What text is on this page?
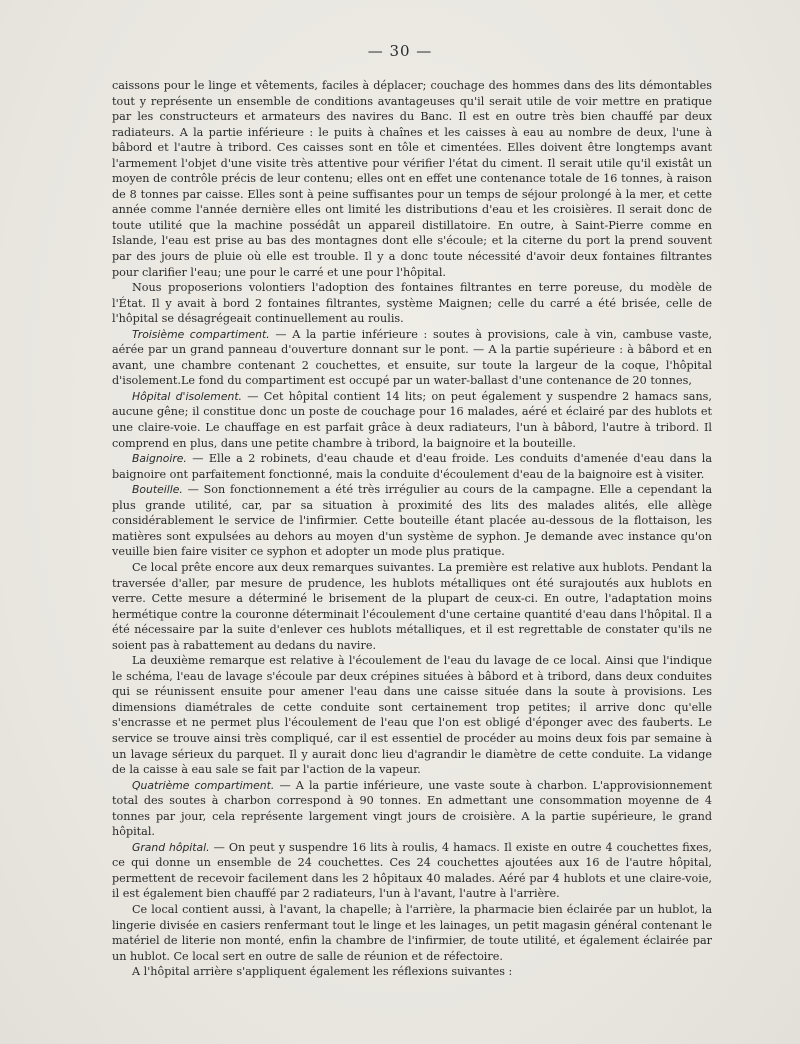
— 30 —

caissons pour le linge et vêtements, faciles à déplacer; couchage des hommes dans des lits démontables tout y représente un ensemble de conditions avantageuses qu'il serait utile de voir mettre en pratique par les constructeurs et armateurs des navires du Banc. Il est en outre très bien chauffé par deux radiateurs. A la partie inférieure : le puits à chaînes et les caisses à eau au nombre de deux, l'une à bâbord et l'autre à tribord. Ces caisses sont en tôle et cimentées. Elles doivent être longtemps avant l'armement l'objet d'une visite très attentive pour vérifier l'état du ciment. Il serait utile qu'il existât un moyen de contrôle précis de leur contenu; elles ont en effet une contenance totale de 16 tonnes, à raison de 8 tonnes par caisse. Elles sont à peine suffisantes pour un temps de séjour prolongé à la mer, et cette année comme l'année dernière elles ont limité les distributions d'eau et les croisières. Il serait donc de toute utilité que la machine possédât un appareil distillatoire. En outre, à Saint-Pierre comme en Islande, l'eau est prise au bas des montagnes dont elle s'écoule; et la citerne du port la prend souvent par des jours de pluie où elle est trouble. Il y a donc toute nécessité d'avoir deux fontaines filtrantes pour clarifier l'eau; une pour le carré et une pour l'hôpital.

Nous proposerions volontiers l'adoption des fontaines filtrantes en terre poreuse, du modèle de l'État. Il y avait à bord 2 fontaines filtrantes, système Maignen; celle du carré a été brisée, celle de l'hôpital se désagrégeait continuellement au roulis.

Troisième compartiment. — A la partie inférieure : soutes à provisions, cale à vin, cambuse vaste, aérée par un grand panneau d'ouverture donnant sur le pont. — A la partie supérieure : à bâbord et en avant, une chambre contenant 2 couchettes, et ensuite, sur toute la largeur de la coque, l'hôpital d'isolement.Le fond du compartiment est occupé par un water-ballast d'une contenance de 20 tonnes,

Hôpital d'isolement. — Cet hôpital contient 14 lits; on peut également y suspendre 2 hamacs sans, aucune gêne; il constitue donc un poste de couchage pour 16 malades, aéré et éclairé par des hublots et une claire-voie. Le chauffage en est parfait grâce à deux radiateurs, l'un à bâbord, l'autre à tribord. Il comprend en plus, dans une petite chambre à tribord, la baignoire et la bouteille.

Baignoire. — Elle a 2 robinets, d'eau chaude et d'eau froide. Les conduits d'amenée d'eau dans la baignoire ont parfaitement fonctionné, mais la conduite d'écoulement d'eau de la baignoire est à visiter.

Bouteille. — Son fonctionnement a été très irrégulier au cours de la campagne. Elle a cependant la plus grande utilité, car, par sa situation à proximité des lits des malades alités, elle allège considérablement le service de l'infirmier. Cette bouteille étant placée au-dessous de la flottaison, les matières sont expulsées au dehors au moyen d'un système de syphon. Je demande avec instance qu'on veuille bien faire visiter ce syphon et adopter un mode plus pratique.

Ce local prête encore aux deux remarques suivantes. La première est relative aux hublots. Pendant la traversée d'aller, par mesure de prudence, les hublots métalliques ont été surajoutés aux hublots en verre. Cette mesure a déterminé le brisement de la plupart de ceux-ci. En outre, l'adaptation moins hermétique contre la couronne déterminait l'écoulement d'une certaine quantité d'eau dans l'hôpital. Il a été nécessaire par la suite d'enlever ces hublots métalliques, et il est regrettable de constater qu'ils ne soient pas à rabattement au dedans du navire.

La deuxième remarque est relative à l'écoulement de l'eau du lavage de ce local. Ainsi que l'indique le schéma, l'eau de lavage s'écoule par deux crépines situées à bâbord et à tribord, dans deux conduites qui se réunissent ensuite pour amener l'eau dans une caisse située dans la soute à provisions. Les dimensions diamétrales de cette conduite sont certainement trop petites; il arrive donc qu'elle s'encrasse et ne permet plus l'écoulement de l'eau que l'on est obligé d'éponger avec des fauberts. Le service se trouve ainsi très compliqué, car il est essentiel de procéder au moins deux fois par semaine à un lavage sérieux du parquet. Il y aurait donc lieu d'agrandir le diamètre de cette conduite. La vidange de la caisse à eau sale se fait par l'action de la vapeur.

Quatrième compartiment. — A la partie inférieure, une vaste soute à charbon. L'approvisionnement total des soutes à charbon correspond à 90 tonnes. En admettant une consommation moyenne de 4 tonnes par jour, cela représente largement vingt jours de croisière. A la partie supérieure, le grand hôpital.

Grand hôpital. — On peut y suspendre 16 lits à roulis, 4 hamacs. Il existe en outre 4 couchettes fixes, ce qui donne un ensemble de 24 couchettes. Ces 24 couchettes ajoutées aux 16 de l'autre hôpital, permettent de recevoir facilement dans les 2 hôpitaux 40 malades. Aéré par 4 hublots et une claire-voie, il est également bien chauffé par 2 radiateurs, l'un à l'avant, l'autre à l'arrière.

Ce local contient aussi, à l'avant, la chapelle; à l'arrière, la pharmacie bien éclairée par un hublot, la lingerie divisée en casiers renfermant tout le linge et les lainages, un petit magasin général contenant le matériel de literie non monté, enfin la chambre de l'infirmier, de toute utilité, et également éclairée par un hublot. Ce local sert en outre de salle de réunion et de réfectoire.

A l'hôpital arrière s'appliquent également les réflexions suivantes :
